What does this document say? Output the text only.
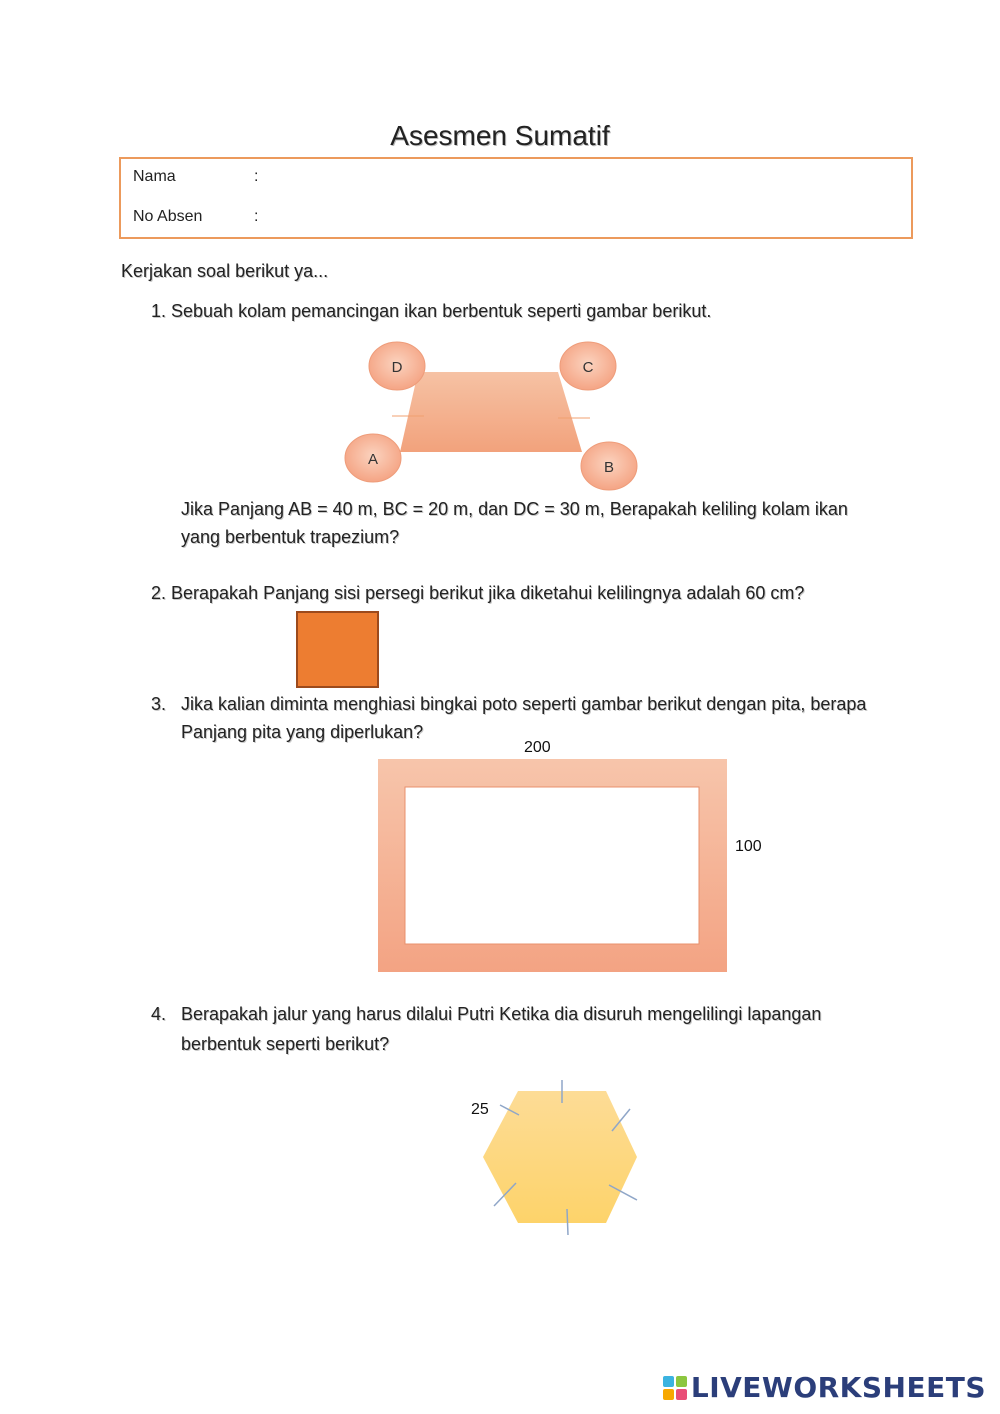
Asesmen Sumatif
Nama	:
No Absen	:
Kerjakan soal berikut ya...
1. Sebuah kolam pemancingan ikan berbentuk seperti gambar berikut.
D	C
A	B
Jika Panjang AB = 40 m, BC = 20 m, dan DC = 30 m, Berapakah keliling kolam ikan
yang berbentuk trapezium?
2. Berapakah Panjang sisi persegi berikut jika diketahui kelilingnya adalah 60 cm?
3. Jika kalian diminta menghiasi bingkai poto seperti gambar berikut dengan pita, berapa
Panjang pita yang diperlukan?
200
100
4. Berapakah jalur yang harus dilalui Putri Ketika dia disuruh mengelilingi lapangan
berbentuk seperti berikut?
25
LIVEWORKSHEETS
